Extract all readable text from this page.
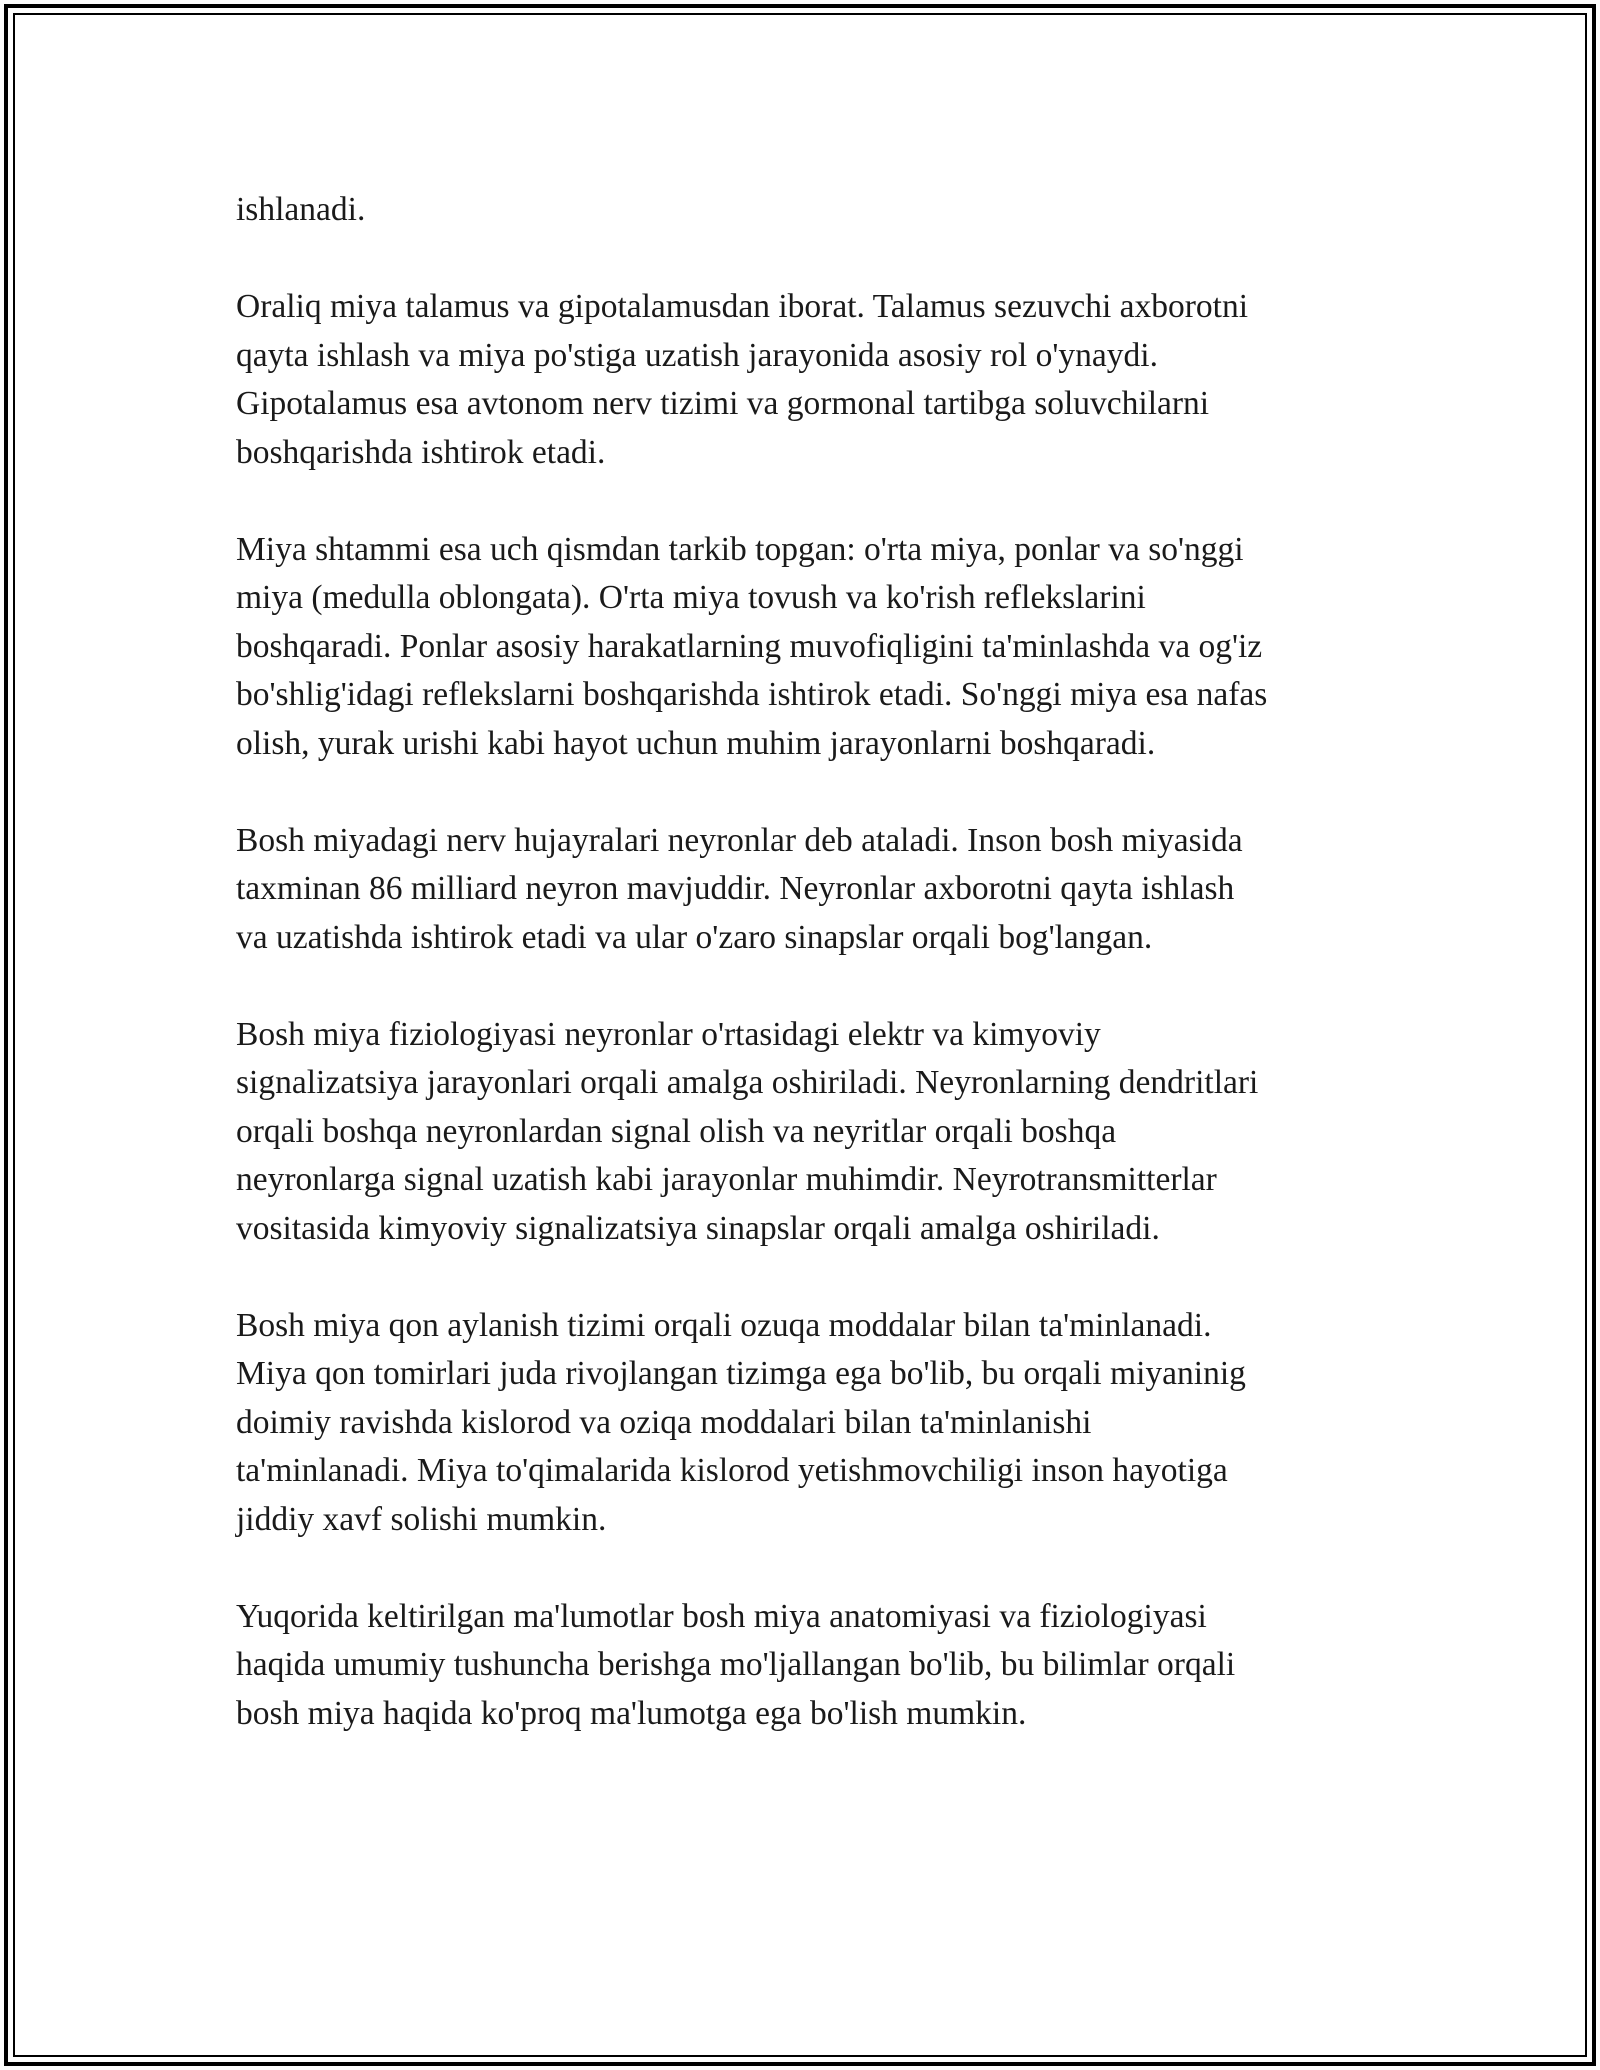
ishlanadi.

Oraliq miya talamus va gipotalamusdan iborat. Talamus sezuvchi axborotni
qayta ishlash va miya po'stiga uzatish jarayonida asosiy rol o'ynaydi.
Gipotalamus esa avtonom nerv tizimi va gormonal tartibga soluvchilarni
boshqarishda ishtirok etadi.

Miya shtammi esa uch qismdan tarkib topgan: o'rta miya, ponlar va so'nggi
miya (medulla oblongata). O'rta miya tovush va ko'rish reflekslarini
boshqaradi. Ponlar asosiy harakatlarning muvofiqligini ta'minlashda va og'iz
bo'shlig'idagi reflekslarni boshqarishda ishtirok etadi. So'nggi miya esa nafas
olish, yurak urishi kabi hayot uchun muhim jarayonlarni boshqaradi.

Bosh miyadagi nerv hujayralari neyronlar deb ataladi. Inson bosh miyasida
taxminan 86 milliard neyron mavjuddir. Neyronlar axborotni qayta ishlash
va uzatishda ishtirok etadi va ular o'zaro sinapslar orqali bog'langan.

Bosh miya fiziologiyasi neyronlar o'rtasidagi elektr va kimyoviy
signalizatsiya jarayonlari orqali amalga oshiriladi. Neyronlarning dendritlari
orqali boshqa neyronlardan signal olish va neyritlar orqali boshqa
neyronlarga signal uzatish kabi jarayonlar muhimdir. Neyrotransmitterlar
vositasida kimyoviy signalizatsiya sinapslar orqali amalga oshiriladi.

Bosh miya qon aylanish tizimi orqali ozuqa moddalar bilan ta'minlanadi.
Miya qon tomirlari juda rivojlangan tizimga ega bo'lib, bu orqali miyaninig
doimiy ravishda kislorod va oziqa moddalari bilan ta'minlanishi
ta'minlanadi. Miya to'qimalarida kislorod yetishmovchiligi inson hayotiga
jiddiy xavf solishi mumkin.

Yuqorida keltirilgan ma'lumotlar bosh miya anatomiyasi va fiziologiyasi
haqida umumiy tushuncha berishga mo'ljallangan bo'lib, bu bilimlar orqali
bosh miya haqida ko'proq ma'lumotga ega bo'lish mumkin.
